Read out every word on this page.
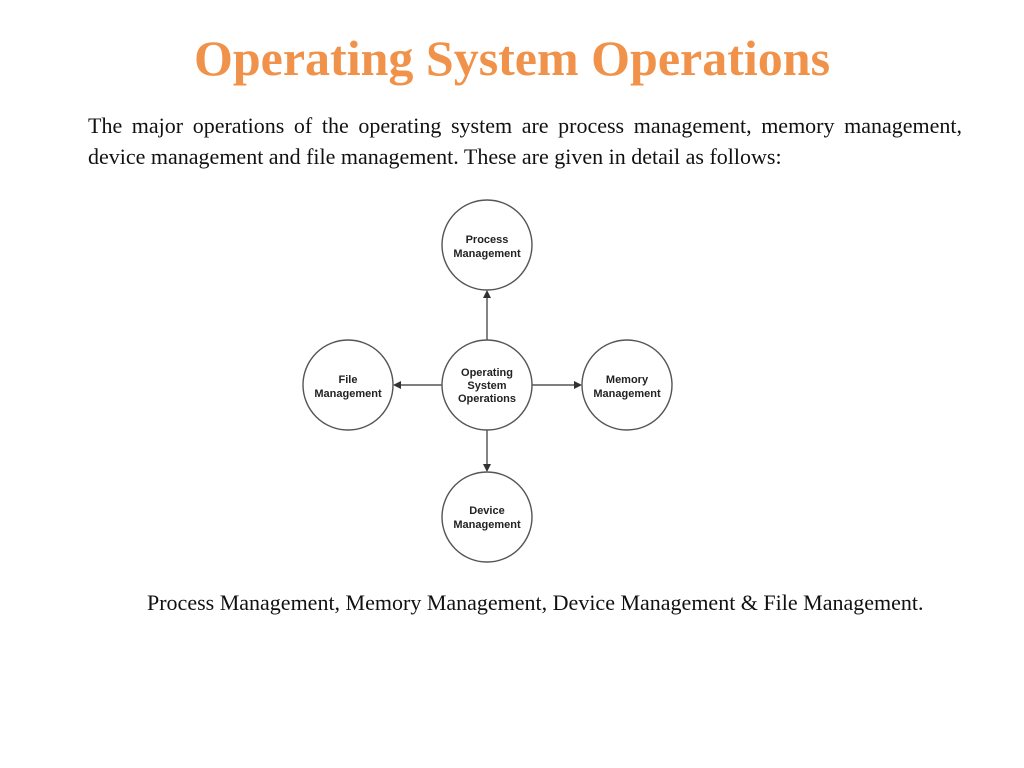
Operating System Operations

The major operations of the operating system are process management, memory management, device management and file management. These are given in detail as follows:

Operating
System
Operations
Process
Management
Memory
Management
Device
Management
File
Management

Process Management, Memory Management, Device Management & File Management.
